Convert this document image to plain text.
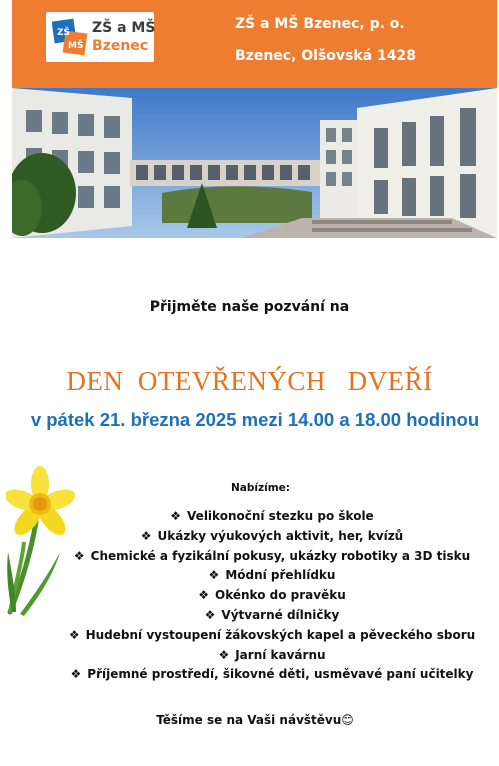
ZŠ
MŠ
ZŠ a MŠ
Bzenec
ZŠ a MŠ Bzenec, p. o.
Bzenec, Olšovská 1428
Přijměte naše pozvání na
DEN  OTEVŘENÝCH   DVEŘÍ
v pátek 21. března 2025 mezi 14.00 a 18.00 hodinou
Nabízíme:
❖ Velikonoční stezku po škole
❖ Ukázky výukových aktivit, her, kvízů
❖ Chemické a fyzikální pokusy, ukázky robotiky a 3D tisku
❖ Módní přehlídku
❖ Okénko do pravěku
❖ Výtvarné dílničky
❖ Hudební vystoupení žákovských kapel a pěveckého sboru
❖ Jarní kavárnu
❖ Příjemné prostředí, šikovné děti, usměvavé paní učitelky
Těšíme se na Vaši návštěvu😊
